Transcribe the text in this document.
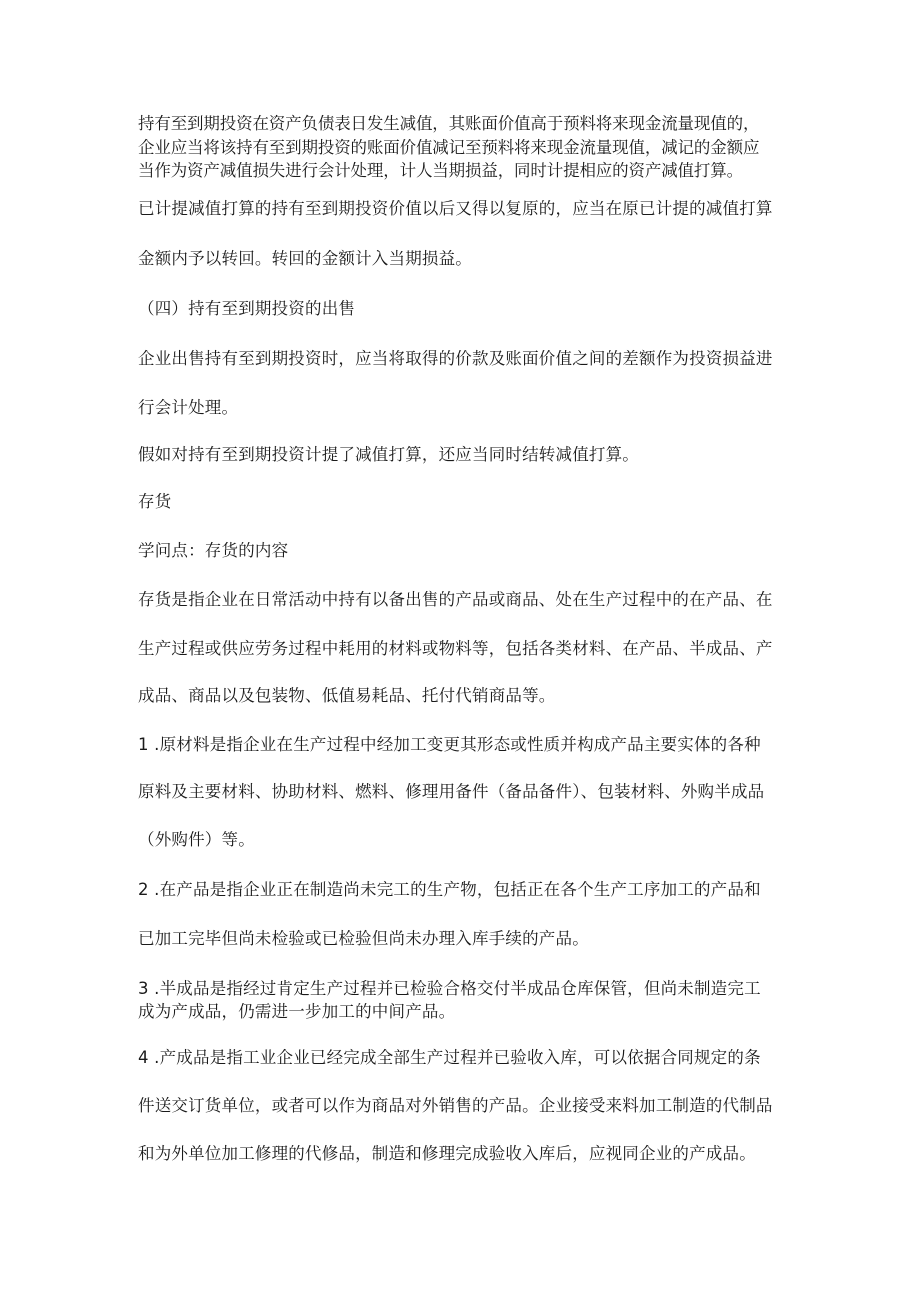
持有至到期投资在资产负债表日发生减值，其账面价值高于预料将来现金流量现值的，
企业应当将该持有至到期投资的账面价值减记至预料将来现金流量现值，减记的金额应
当作为资产减值损失进行会计处理，计人当期损益，同时计提相应的资产减值打算。
已计提减值打算的持有至到期投资价值以后又得以复原的，应当在原已计提的减值打算
金额内予以转回。转回的金额计入当期损益。
（四）持有至到期投资的出售
企业出售持有至到期投资时，应当将取得的价款及账面价值之间的差额作为投资损益进
行会计处理。
假如对持有至到期投资计提了减值打算，还应当同时结转减值打算。
存货
学问点：存货的内容
存货是指企业在日常活动中持有以备出售的产品或商品、处在生产过程中的在产品、在
生产过程或供应劳务过程中耗用的材料或物料等，包括各类材料、在产品、半成品、产
成品、商品以及包装物、低值易耗品、托付代销商品等。
1 .原材料是指企业在生产过程中经加工变更其形态或性质并构成产品主要实体的各种
原料及主要材料、协助材料、燃料、修理用备件（备品备件）、包装材料、外购半成品
（外购件）等。
2 .在产品是指企业正在制造尚未完工的生产物，包括正在各个生产工序加工的产品和
已加工完毕但尚未检验或已检验但尚未办理入库手续的产品。
3 .半成品是指经过肯定生产过程并已检验合格交付半成品仓库保管，但尚未制造完工
成为产成品，仍需进一步加工的中间产品。
4 .产成品是指工业企业已经完成全部生产过程并已验收入库，可以依据合同规定的条
件送交订货单位，或者可以作为商品对外销售的产品。企业接受来料加工制造的代制品
和为外单位加工修理的代修品，制造和修理完成验收入库后，应视同企业的产成品。
